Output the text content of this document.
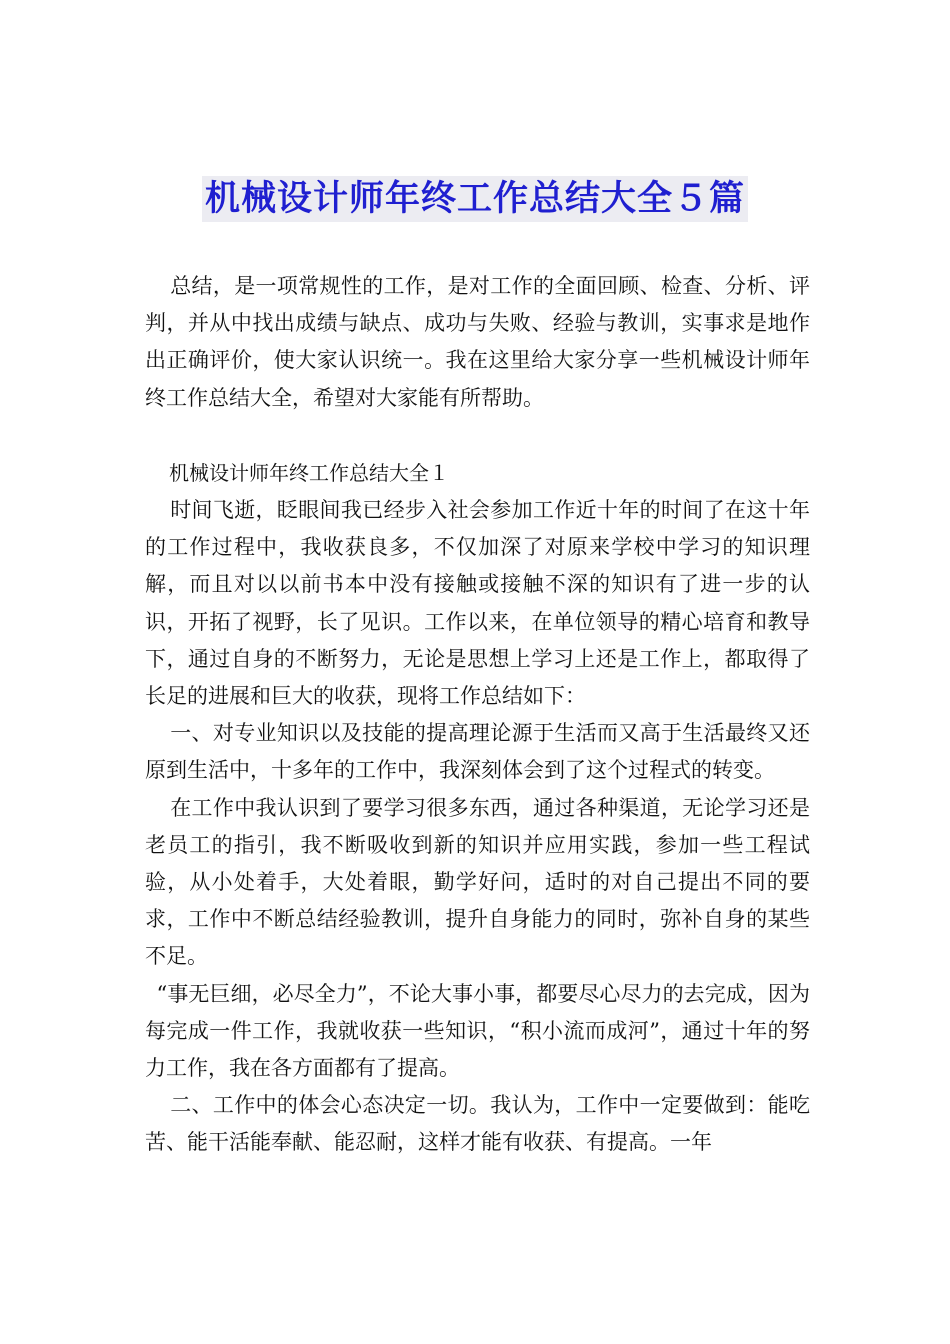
机械设计师年终工作总结大全５篇

总结，是一项常规性的工作，是对工作的全面回顾、检查、分析、评判，并从中找出成绩与缺点、成功与失败、经验与教训，实事求是地作出正确评价，使大家认识统一。我在这里给大家分享一些机械设计师年终工作总结大全，希望对大家能有所帮助。

机械设计师年终工作总结大全１

时间飞逝，眨眼间我已经步入社会参加工作近十年的时间了在这十年的工作过程中，我收获良多，不仅加深了对原来学校中学习的知识理解，而且对以以前书本中没有接触或接触不深的知识有了进一步的认识，开拓了视野，长了见识。工作以来，在单位领导的精心培育和教导下，通过自身的不断努力，无论是思想上学习上还是工作上，都取得了长足的进展和巨大的收获，现将工作总结如下：

一、对专业知识以及技能的提高理论源于生活而又高于生活最终又还原到生活中，十多年的工作中，我深刻体会到了这个过程式的转变。

在工作中我认识到了要学习很多东西，通过各种渠道，无论学习还是老员工的指引，我不断吸收到新的知识并应用实践，参加一些工程试验，从小处着手，大处着眼，勤学好问，适时的对自己提出不同的要求，工作中不断总结经验教训，提升自身能力的同时，弥补自身的某些不足。

“事无巨细，必尽全力”，不论大事小事，都要尽心尽力的去完成，因为每完成一件工作，我就收获一些知识，“积小流而成河”，通过十年的努力工作，我在各方面都有了提高。

二、工作中的体会心态决定一切。我认为，工作中一定要做到：能吃苦、能干活能奉献、能忍耐，这样才能有收获、有提高。一年
